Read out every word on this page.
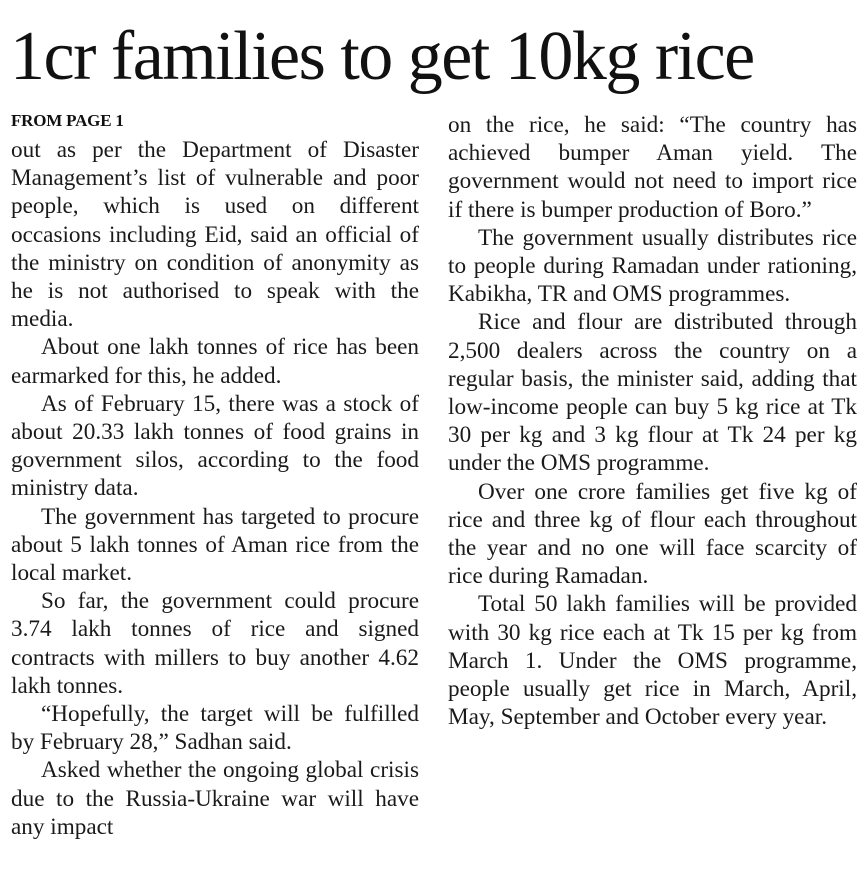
1cr families to get 10kg rice
FROM PAGE 1

out as per the Department of Disaster Management’s list of vulnerable and poor people, which is used on different occasions including Eid, said an official of the ministry on condition of anonymity as he is not authorised to speak with the media.

About one lakh tonnes of rice has been earmarked for this, he added.

As of February 15, there was a stock of about 20.33 lakh tonnes of food grains in government silos, according to the food ministry data.

The government has targeted to procure about 5 lakh tonnes of Aman rice from the local market.

So far, the government could procure 3.74 lakh tonnes of rice and signed contracts with millers to buy another 4.62 lakh tonnes.

“Hopefully, the target will be fulfilled by February 28,” Sadhan said.

Asked whether the ongoing global crisis due to the Russia-Ukraine war will have any impact

on the rice, he said: “The country has achieved bumper Aman yield. The government would not need to import rice if there is bumper production of Boro.”

The government usually distributes rice to people during Ramadan under rationing, Kabikha, TR and OMS programmes.

Rice and flour are distributed through 2,500 dealers across the country on a regular basis, the minister said, adding that low-income people can buy 5 kg rice at Tk 30 per kg and 3 kg flour at Tk 24 per kg under the OMS programme.

Over one crore families get five kg of rice and three kg of flour each throughout the year and no one will face scarcity of rice during Ramadan.

Total 50 lakh families will be provided with 30 kg rice each at Tk 15 per kg from March 1. Under the OMS programme, people usually get rice in March, April, May, September and October every year.
